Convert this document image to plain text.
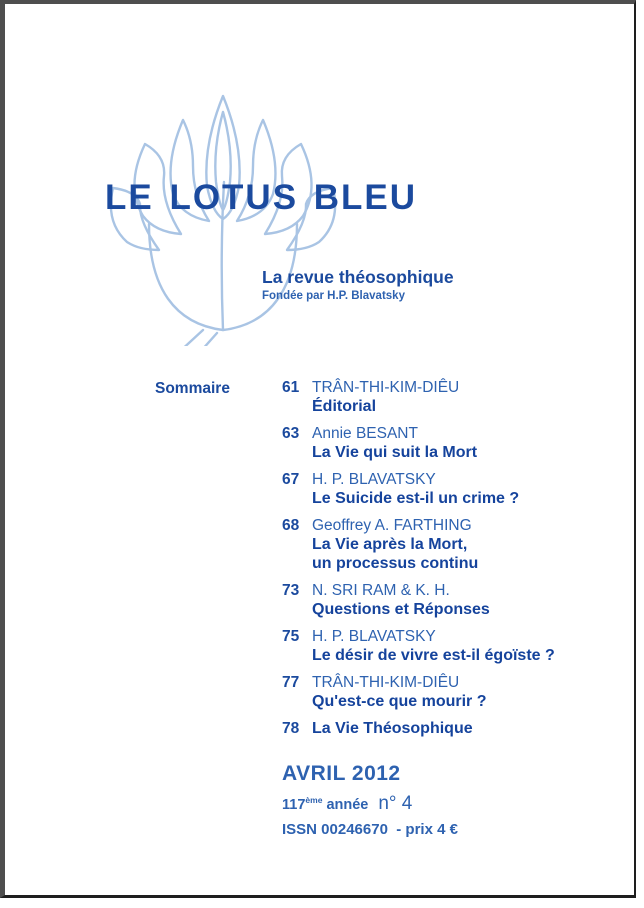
LE LOTUS BLEU
La revue théosophique
Fondée par H.P. Blavatsky
Sommaire	61 TRÂN-THI-KIM-DIÊU
Éditorial
63 Annie BESANT
La Vie qui suit la Mort
67 H. P. BLAVATSKY
Le Suicide est-il un crime ?
68 Geoffrey A. FARTHING
La Vie après la Mort,
un processus continu
73 N. SRI RAM & K. H.
Questions et Réponses
75 H. P. BLAVATSKY
Le désir de vivre est-il égoïste ?
77 TRÂN-THI-KIM-DIÊU
Qu'est-ce que mourir ?
78 La Vie Théosophique
AVRIL 2012
117ème année n° 4
ISSN 00246670  - prix 4 €
